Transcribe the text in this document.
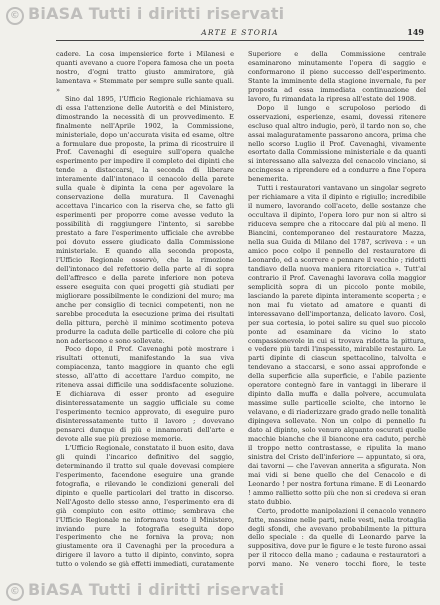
© BiASA Tutti i diritti riservati
ARTE E STORIA	149

cadere. La cosa impensierice forte i Milanesi e quanti avevano a cuore l'opera famosa che un poeta nostro, d'ogni tratto giusto ammiratore, già lamentava « Stemmate per sempre sulle sante quali. »

Sino dal 1895, l'Ufficio Regionale richiamava su di essa l'attenzione delle Autorità e del Ministero, dimostrando la necessità di un provvedimento. E finalmente nell'Aprile 1902, la Commissione, ministeriale, dopo un'accurata visita ed esame, oltre a formulare due proposte, la prima di ricostruire il Prof. Cavenaghi di eseguire sull'opera qualche esperimento per impedire il completo dei dipinti che tende a distaccarsi, la seconda di liberare interamente dall'intonaco il cenacolo della parete sulla quale è dipinta la cena per agevolare la conservazione della muratura. Il Cavenaghi accettava l'incarico con la riserva che, se fatto gli esperimenti per proporre come avesse veduto la possibilità di raggiungere l'intento, si sarebbe prestato a fare l'esperimento ufficiale che avrebbe poi dovuto essere giudicato dalla Commissione ministeriale. E quando alla seconda proposta, l'Ufficio Regionale osservò, che la rimozione dell'intonaco del refettorio della parte al di sopra dell'affresco e della parete inferiore non poteva essere eseguita con quei progetti già studiati per migliorare possibilmente le condizioni del muro; ma anche per consiglio di tecnici competenti, non ne sarebbe proceduta la esecuzione prima dei risultati della pittura, perchè il minimo scotimento poteva produrre la caduta delle particelle di colore che più non aderiscono e sono sollevate.

Poco dopo, il Prof. Cavenaghi potè mostrare i risultati ottenuti, manifestando la sua viva compiacenza, tanto maggiore in quanto che egli stesso, all'atto di accettare l'arduo compito, ne riteneva assai difficile una soddisfacente soluzione. E dichiarava di esser pronto ad eseguire disinteressatamente un saggio ufficiale su come l'esperimento tecnico approvato, di eseguire puro disinteressatamente tutto il lavoro ; dovevano pensarci dunque di più e innamorati dell'arte e devote alle sue più preziose memorie.

L'Ufficio Regionale, constatato il buon esito, dava gli quindi l'incarico definitivo del saggio, determinando il tratto sul quale dovevasi compiere l'esperimento, facendone eseguire una grande fotografia, e rilevando le condizioni generali del dipinto e quelle particolari del tratto in discorso. Nell'Agosto dello stesso anno, l'esperimento era di già compiuto con esito ottimo; sembrava che l'Ufficio Regionale ne informava tosto il Ministero, inviando pure la fotografia eseguita dopo l'esperimento che ne forniva la prova; non giustamente ora il Cavenaghi per la procedura a dirigere il lavoro a tutto il dipinto, convinto, sopra tutto o volendo se già effetti immediati, curatamente

Superiore e della Commissione centrale esaminarono minutamente l'opera di saggio e conformarono il pieno successo dell'esperimento. Stante la imminente della stagione invernale, fu per proposta ad essa immediata continuazione del lavoro, fu rimandata la ripresa all'estate del 1908.

Dopo il lungo e scrupoloso periodo di osservazioni, esperienze, esami, dovessi ritenere escluso qual altro indugio, però, il tardo non so, che assai malaguratamente passarono ancora, prima che nello scorso Luglio il Prof. Cavenaghi, vivamente esortato dalla Commissione ministeriale e da quanti si interessano alla salvezza del cenacolo vinciano, si accingesse a riprendere ed a condurre a fine l'opera benemerita.

Tutti i restauratori vantavano un singolar segreto per richiamare a vita il dipinto e rigiullo; incredibile il numero, lavorando coll'aceto, delle sostanze che occultava il dipinto, l'opera loro pur non si altro si riduceva sempre che a ritoccare dal più al meno. Il Biancini, contemporaneo del restauratore Mazza, nella sua Guida di Milano del 1787, scriveva : « un amico poco colpo il pennello del restauratore di Leonardo, ed a scorrere e pennare il vecchio ; ridotti tandiavo della nuova maniera ritorciatica ». Tutt'al contrario il Prof. Cavenaghi lavorava colla maggior semplicità sopra di un piccolo ponte mobile, lasciando la parete dipinta interamente scoperta ; e non mai fu vietato ad amatore e quanti di interessavano dell'importanza, delicato lavoro. Così, per sua cortesia, io potei salire su quel suo piccolo ponte ad esaminare da vicino lo stato compassionevole in cui si trovava ridotta la pittura, e vedere più tardi l'inspessito, mirabile restauro. Le parti dipinte di ciascun spettacolino, talvolta e tendevano a staccarsi, e sono assai approfonde e della superficie alla superficie, e l'abile paziente operatore contegnò fare in vantaggi in liberare il dipinto dalla muffa e dalla polvere, accumulata massime sulle particelle sciolte, che intorno le velavano, e di riaderizzare grado grado nelle tonalità dipingeva sollevate. Non un colpo di pennello fu dato al dipinto, solo venuro alquanto oscurati quelle macchie bianche che il biancone era caduto, perchè il troppo netto contrastasse, e ripulita la mano sinistra del Cristo dell'inferiore — appuntato, si ora, dai tavorni — che l'avevan annerita a sfigurata. Non mai vidi si bene quello che del Cenacolo e di Leonardo ! per nostra fortuna rimane. E di Leonardo ! ammo rallietto sotto più che non si credeva si eran stato dubbio.

Certo, prodotte manipolazioni il cenacolo vennero fatte, massime nelle parti, nelle vesti, nella trotaglia degli sfondi, che avevano probabilmente la pittura dello speciale : da quelle di Leonardo parve la suppositiva, dove pur le figure e le teste furono assai per il ritocco della mano ; cadauna e restauratori a porvi mano. Ne venero tocchi fiore, le teste

© BiASA Tutti i diritti riservati
